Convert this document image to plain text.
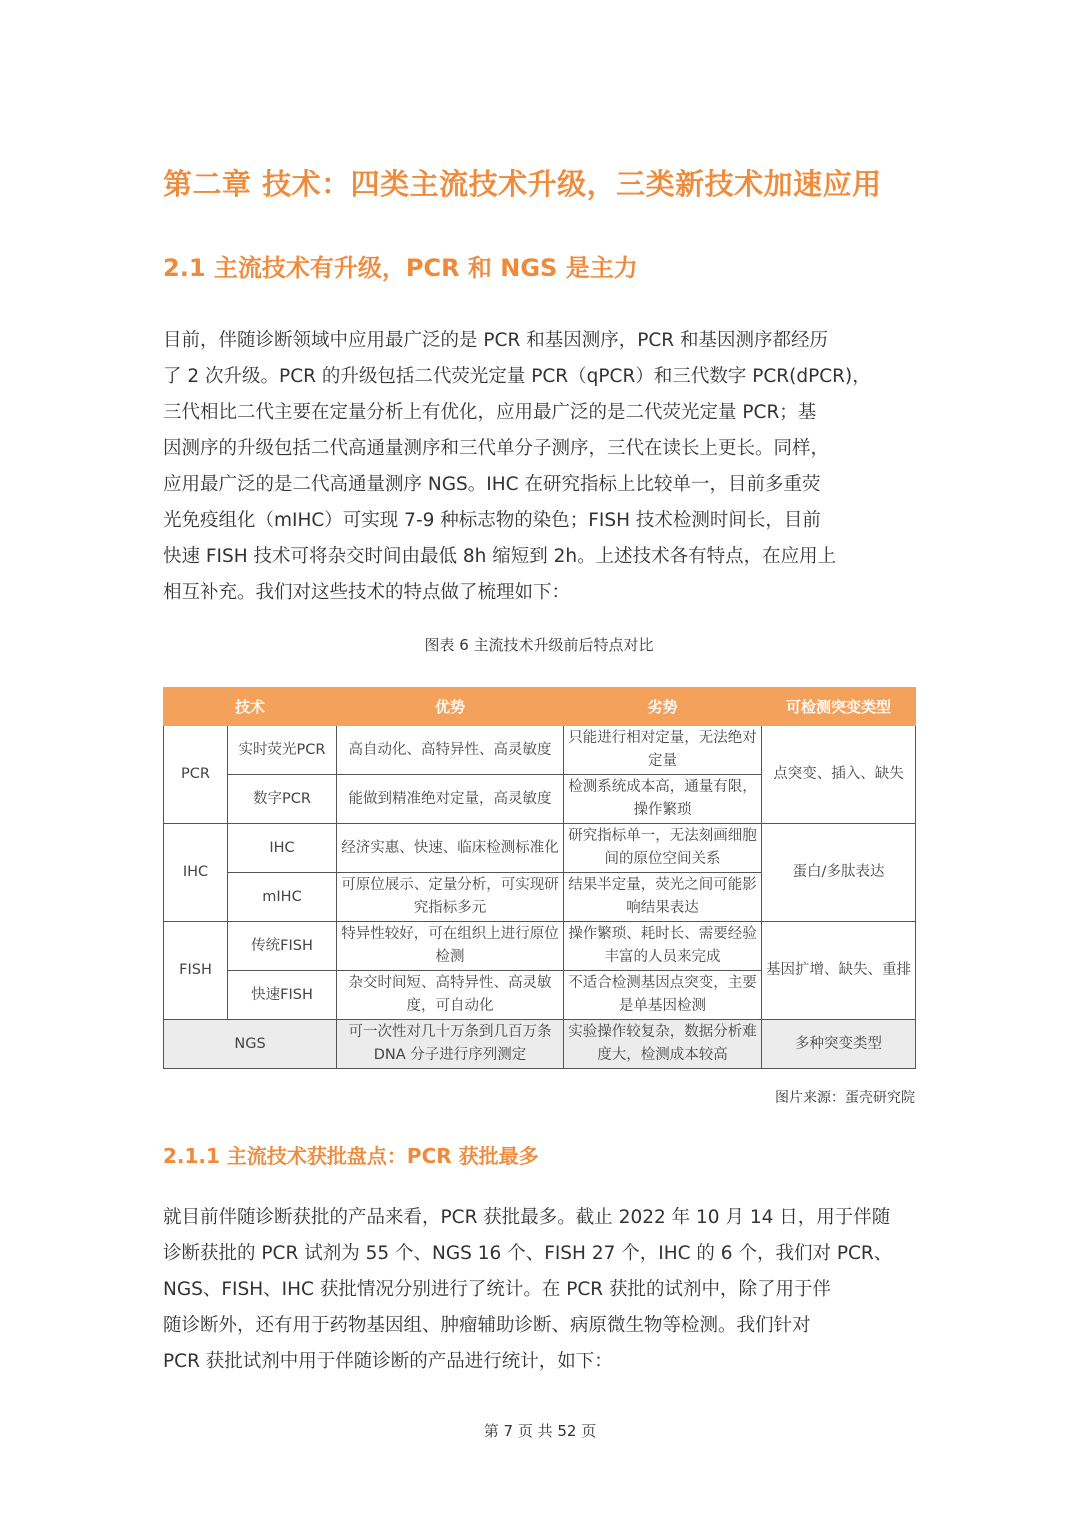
第二章 技术：四类主流技术升级，三类新技术加速应用
2.1 主流技术有升级，PCR 和 NGS 是主力
目前，伴随诊断领域中应用最广泛的是 PCR 和基因测序，PCR 和基因测序都经历
了 2 次升级。PCR 的升级包括二代荧光定量 PCR（qPCR）和三代数字 PCR(dPCR)，
三代相比二代主要在定量分析上有优化，应用最广泛的是二代荧光定量 PCR；基
因测序的升级包括二代高通量测序和三代单分子测序，三代在读长上更长。同样，
应用最广泛的是二代高通量测序 NGS。IHC 在研究指标上比较单一，目前多重荧
光免疫组化（mIHC）可实现 7-9 种标志物的染色；FISH 技术检测时间长，目前
快速 FISH 技术可将杂交时间由最低 8h 缩短到 2h。上述技术各有特点，在应用上
相互补充。我们对这些技术的特点做了梳理如下：
图表 6 主流技术升级前后特点对比
技术		优势	劣势	可检测突变类型
PCR	实时荧光PCR	高自动化、高特异性、高灵敏度	只能进行相对定量，无法绝对定量	点突变、插入、缺失
	数字PCR	能做到精准绝对定量，高灵敏度	检测系统成本高，通量有限，操作繁琐	
IHC	IHC	经济实惠、快速、临床检测标准化	研究指标单一，无法刻画细胞间的原位空间关系	蛋白/多肽表达
	mIHC	可原位展示、定量分析，可实现研究指标多元	结果半定量，荧光之间可能影响结果表达	
FISH	传统FISH	特异性较好，可在组织上进行原位检测	操作繁琐、耗时长、需要经验丰富的人员来完成	基因扩增、缺失、重排
	快速FISH	杂交时间短、高特异性、高灵敏度，可自动化	不适合检测基因点突变，主要是单基因检测	
NGS		可一次性对几十万条到几百万条DNA 分子进行序列测定	实验操作较复杂，数据分析难度大，检测成本较高	多种突变类型
图片来源：蛋壳研究院
2.1.1 主流技术获批盘点：PCR 获批最多
就目前伴随诊断获批的产品来看，PCR 获批最多。截止 2022 年 10 月 14 日，用于伴随
诊断获批的 PCR 试剂为 55 个、NGS 16 个、FISH 27 个，IHC 的 6 个，我们对 PCR、
NGS、FISH、IHC 获批情况分别进行了统计。在 PCR 获批的试剂中，除了用于伴
随诊断外，还有用于药物基因组、肿瘤辅助诊断、病原微生物等检测。我们针对
PCR 获批试剂中用于伴随诊断的产品进行统计，如下：
第 7 页 共 52 页
